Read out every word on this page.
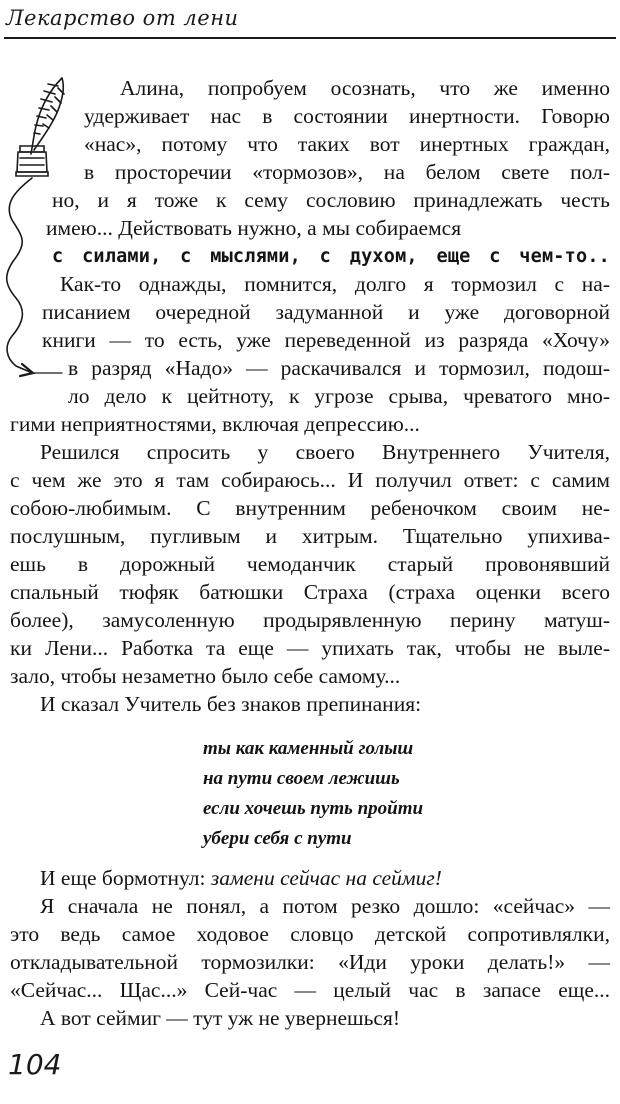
Лекарство от лени
Алина, попробуем осознать, что же именно
удерживает нас в состоянии инертности. Говорю
«нас», потому что таких вот инертных граждан,
в просторечии «тормозов», на белом свете пол-
но, и я тоже к сему сословию принадлежать честь
имею... Действовать нужно, а мы собираемся
с силами, с мыслями, с духом, еще с чем-то..
Как-то однажды, помнится, долго я тормозил с на-
писанием очередной задуманной и уже договорной
книги — то есть, уже переведенной из разряда «Хочу»
в разряд «Надо» — раскачивался и тормозил, подош-
ло дело к цейтноту, к угрозе срыва, чреватого мно-
гими неприятностями, включая депрессию...
Решился спросить у своего Внутреннего Учителя,
с чем же это я там собираюсь... И получил ответ: с самим
собою-любимым. С внутренним ребеночком своим не-
послушным, пугливым и хитрым. Тщательно упихива-
ешь в дорожный чемоданчик старый провонявший
спальный тюфяк батюшки Страха (страха оценки всего
более), замусоленную продырявленную перину матуш-
ки Лени... Работка та еще — упихать так, чтобы не выле-
зало, чтобы незаметно было себе самому...
И сказал Учитель без знаков препинания:
ты как каменный голыш
на пути своем лежишь
если хочешь путь пройти
убери себя с пути
И еще бормотнул: замени сейчас на сеймиг!
Я сначала не понял, а потом резко дошло: «сейчас» —
это ведь самое ходовое словцо детской сопротивлялки,
откладывательной тормозилки: «Иди уроки делать!» —
«Сейчас... Щас...» Сей-час — целый час в запасе еще...
А вот сеймиг — тут уж не увернешься!
104
